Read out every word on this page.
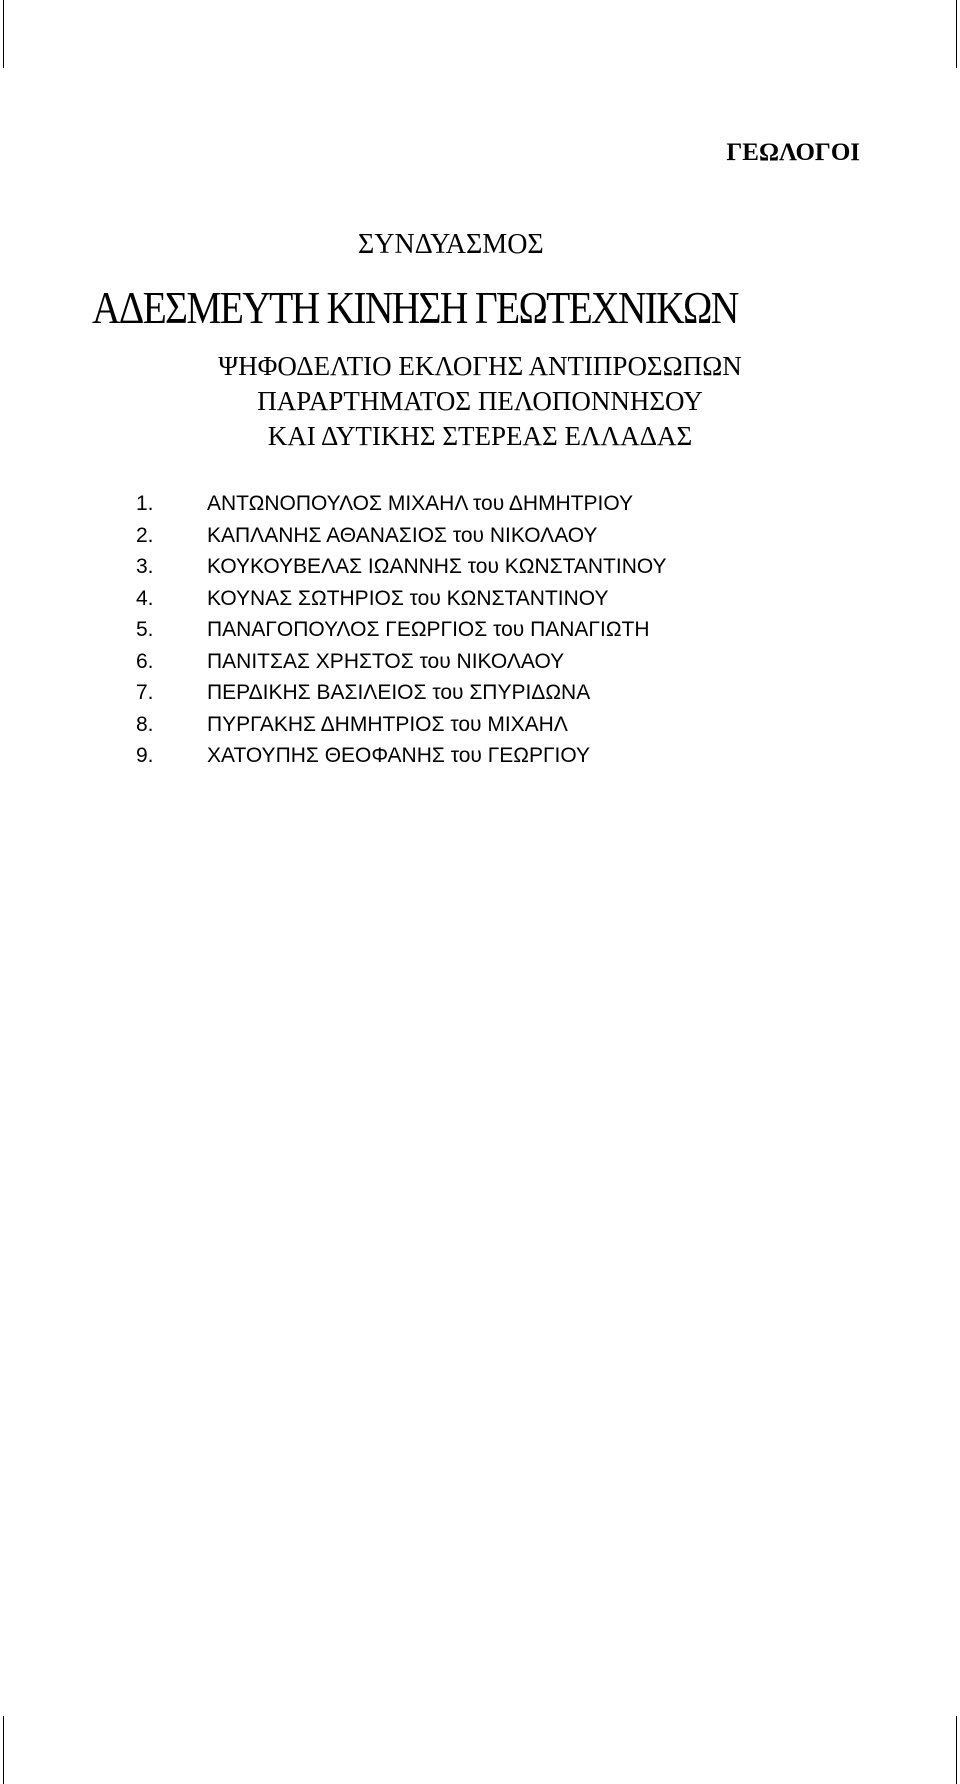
ΓΕΩΛΟΓΟΙ
ΣΥΝΔΥΑΣΜΟΣ
ΑΔΕΣΜΕΥΤΗ ΚΙΝΗΣΗ ΓΕΩΤΕΧΝΙΚΩΝ
ΨΗΦΟΔΕΛΤΙΟ ΕΚΛΟΓΗΣ ΑΝΤΙΠΡΟΣΩΠΩΝ
ΠΑΡΑΡΤΗΜΑΤΟΣ ΠΕΛΟΠΟΝΝΗΣΟΥ
ΚΑΙ ΔΥΤΙΚΗΣ ΣΤΕΡΕΑΣ ΕΛΛΑΔΑΣ
1.	ΑΝΤΩΝΟΠΟΥΛΟΣ ΜΙΧΑΗΛ του ΔΗΜΗΤΡΙΟΥ
2.	ΚΑΠΛΑΝΗΣ ΑΘΑΝΑΣΙΟΣ του ΝΙΚΟΛΑΟΥ
3.	ΚΟΥΚΟΥΒΕΛΑΣ ΙΩΑΝΝΗΣ του ΚΩΝΣΤΑΝΤΙΝΟΥ
4.	ΚΟΥΝΑΣ ΣΩΤΗΡΙΟΣ του ΚΩΝΣΤΑΝΤΙΝΟΥ
5.	ΠΑΝΑΓΟΠΟΥΛΟΣ ΓΕΩΡΓΙΟΣ του ΠΑΝΑΓΙΩΤΗ
6.	ΠΑΝΙΤΣΑΣ ΧΡΗΣΤΟΣ του ΝΙΚΟΛΑΟΥ
7.	ΠΕΡΔΙΚΗΣ ΒΑΣΙΛΕΙΟΣ του ΣΠΥΡΙΔΩΝΑ
8.	ΠΥΡΓΑΚΗΣ ΔΗΜΗΤΡΙΟΣ του ΜΙΧΑΗΛ
9.	ΧΑΤΟΥΠΗΣ ΘΕΟΦΑΝΗΣ του ΓΕΩΡΓΙΟΥ
